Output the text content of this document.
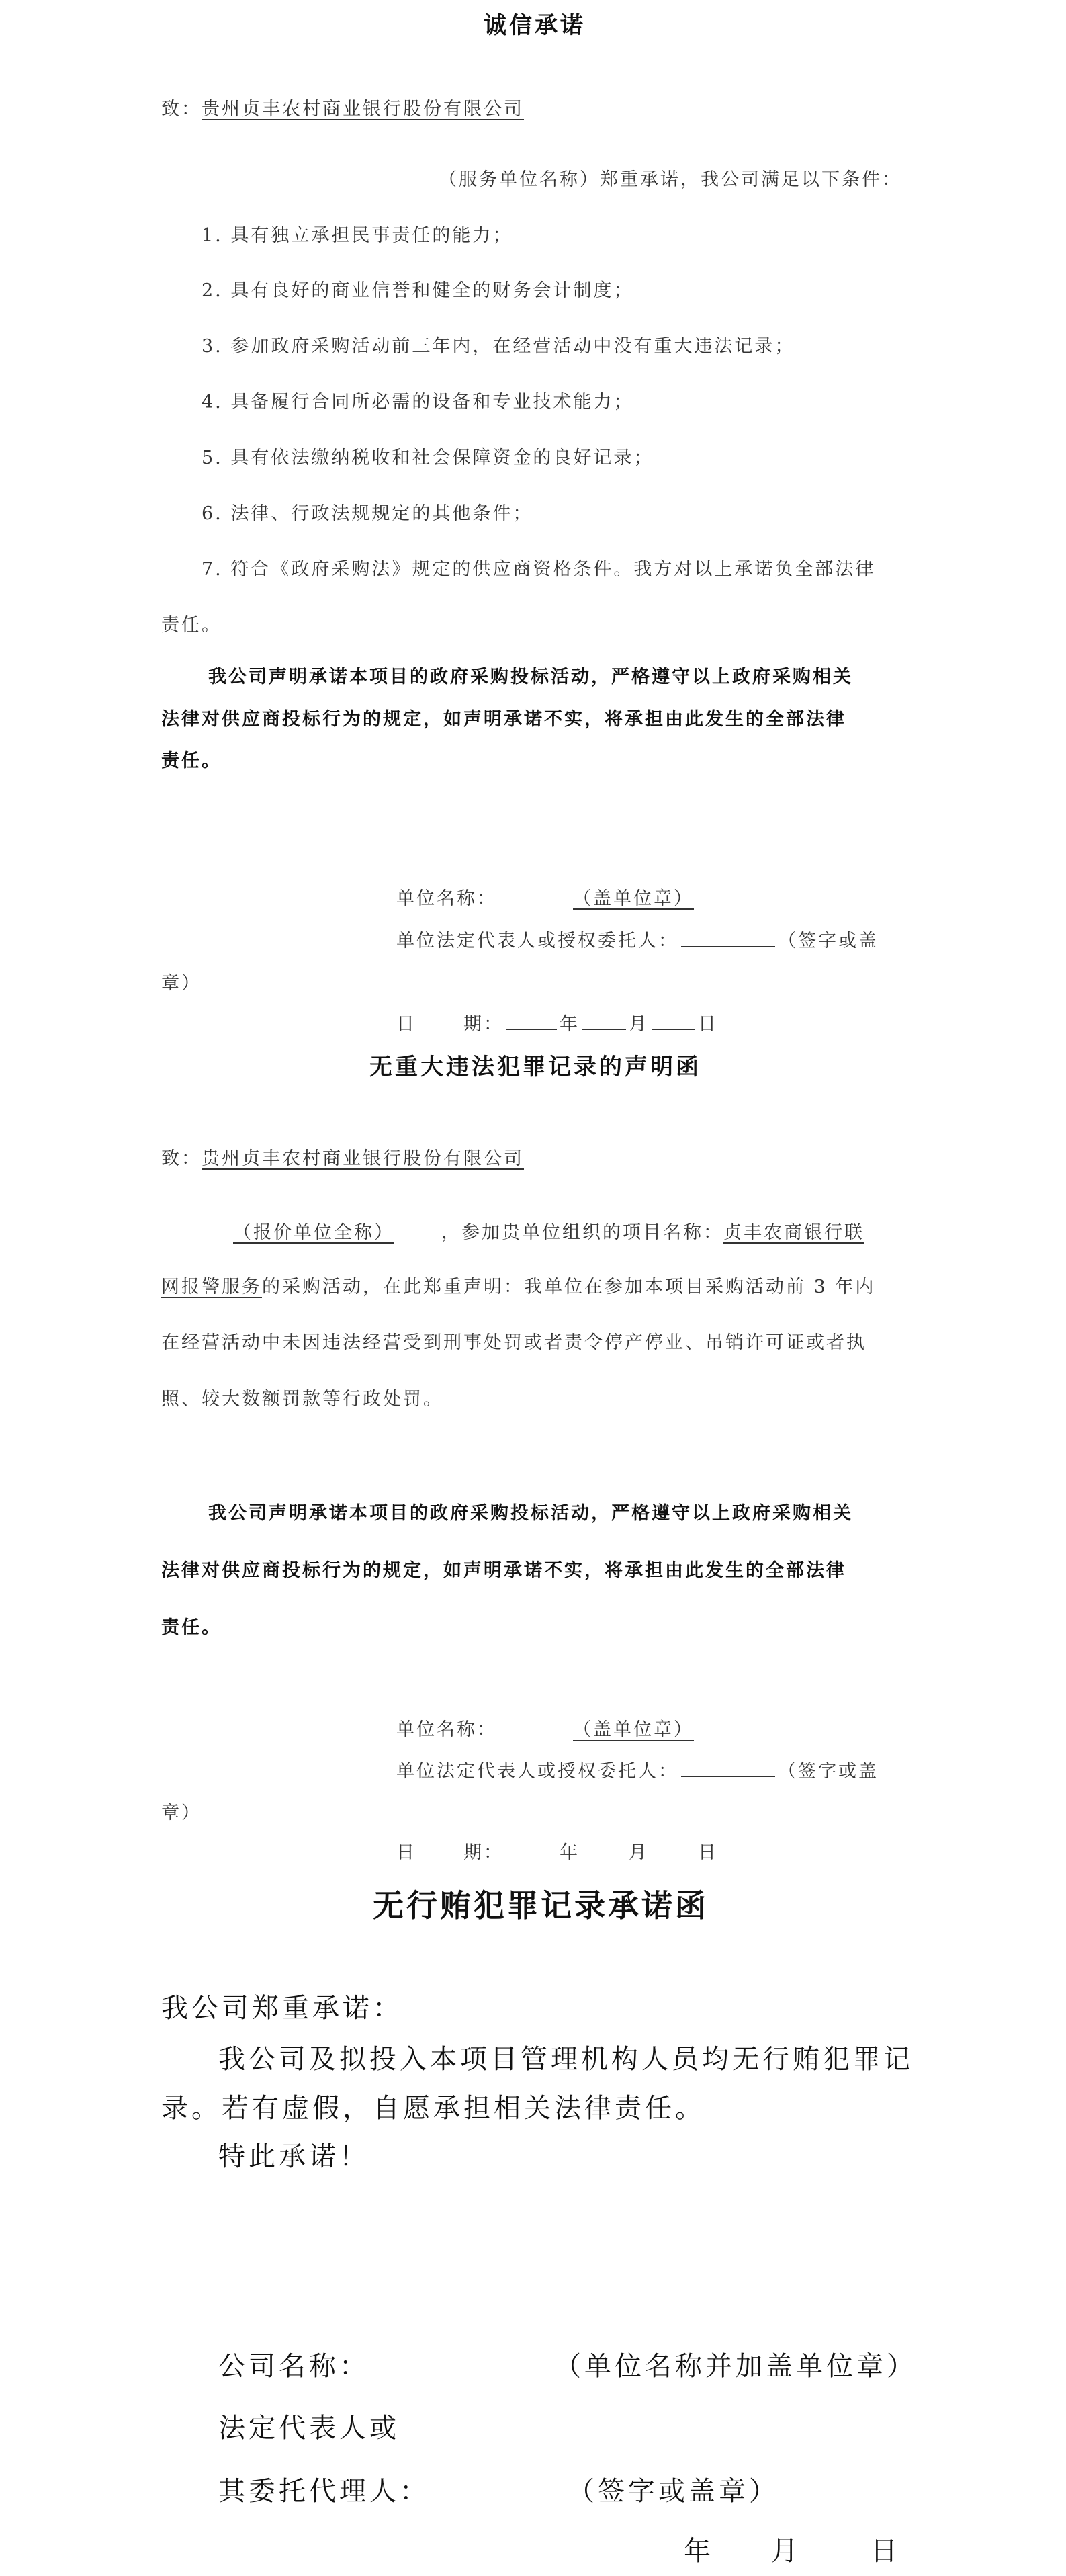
诚信承诺
致：贵州贞丰农村商业银行股份有限公司
（服务单位名称）郑重承诺，我公司满足以下条件：
1. 具有独立承担民事责任的能力；
2. 具有良好的商业信誉和健全的财务会计制度；
3. 参加政府采购活动前三年内，在经营活动中没有重大违法记录；
4. 具备履行合同所必需的设备和专业技术能力；
5. 具有依法缴纳税收和社会保障资金的良好记录；
6. 法律、行政法规规定的其他条件；
7. 符合《政府采购法》规定的供应商资格条件。我方对以上承诺负全部法律
责任。
我公司声明承诺本项目的政府采购投标活动，严格遵守以上政府采购相关
法律对供应商投标行为的规定，如声明承诺不实，将承担由此发生的全部法律
责任。
单位名称：	（盖单位章）
单位法定代表人或授权委托人：	（签字或盖
章）
日	期：	年	月	日
无重大违法犯罪记录的声明函
致：贵州贞丰农村商业银行股份有限公司
（报价单位全称）	，参加贵单位组织的项目名称：贞丰农商银行联
网报警服务的采购活动，在此郑重声明：我单位在参加本项目采购活动前 3 年内
在经营活动中未因违法经营受到刑事处罚或者责令停产停业、吊销许可证或者执
照、较大数额罚款等行政处罚。
我公司声明承诺本项目的政府采购投标活动，严格遵守以上政府采购相关
法律对供应商投标行为的规定，如声明承诺不实，将承担由此发生的全部法律
责任。
单位名称：	（盖单位章）
单位法定代表人或授权委托人：	（签字或盖
章）
日	期：	年	月	日
无行贿犯罪记录承诺函
我公司郑重承诺：
我公司及拟投入本项目管理机构人员均无行贿犯罪记
录。若有虚假，自愿承担相关法律责任。
特此承诺！
公司名称：	（单位名称并加盖单位章）
法定代表人或
其委托代理人：	（签字或盖章）
年 月	日
